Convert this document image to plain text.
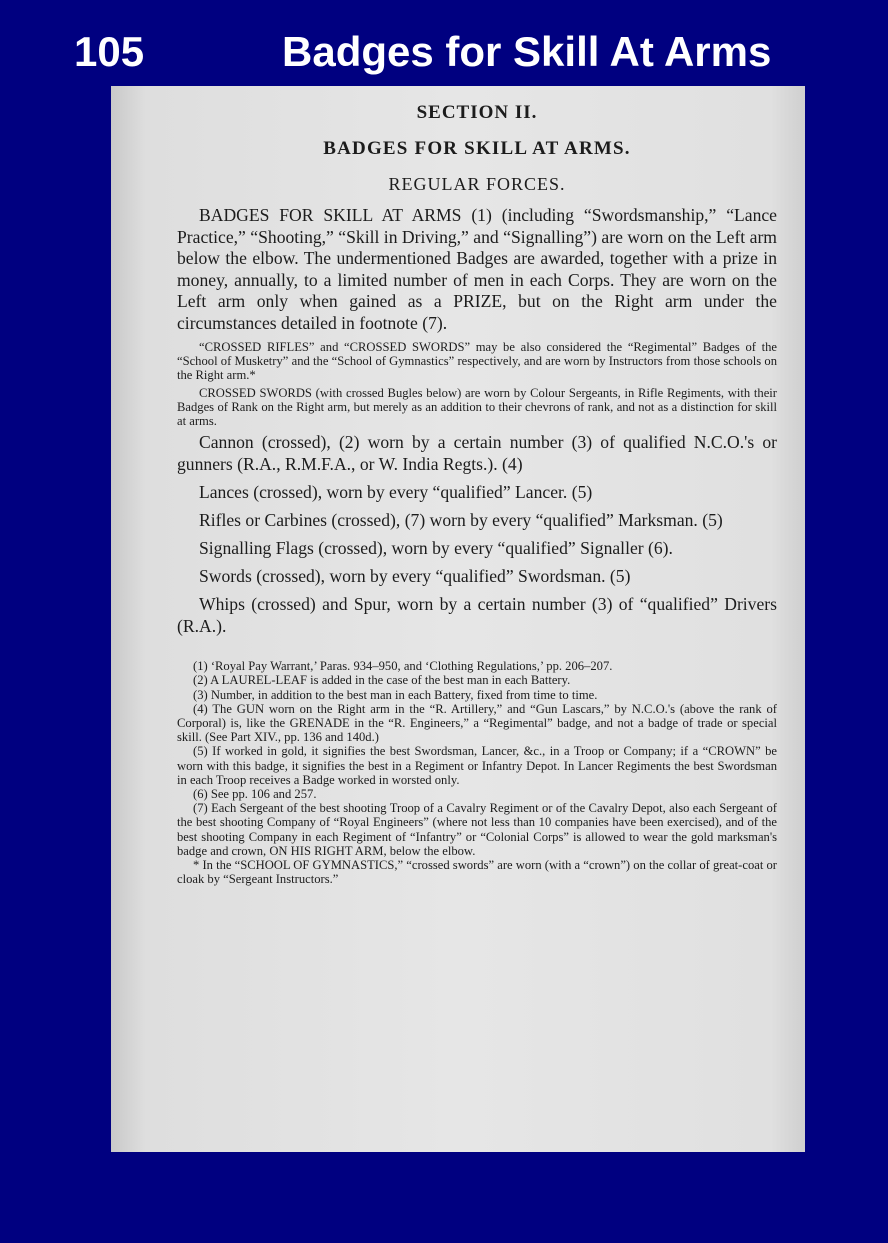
105	Badges for Skill At Arms
SECTION II.
BADGES FOR SKILL AT ARMS.
REGULAR FORCES.

BADGES FOR SKILL AT ARMS (1) (including “Swordsmanship,” “Lance Practice,” “Shooting,” “Skill in Driving,” and “Signalling”) are worn on the Left arm below the elbow. The undermentioned Badges are awarded, together with a prize in money, annually, to a limited number of men in each Corps. They are worn on the Left arm only when gained as a PRIZE, but on the Right arm under the circumstances detailed in footnote (7).

“CROSSED RIFLES” and “CROSSED SWORDS” may be also considered the “Regimental” Badges of the “School of Musketry” and the “School of Gymnastics” respectively, and are worn by Instructors from those schools on the Right arm.*

CROSSED SWORDS (with crossed Bugles below) are worn by Colour Sergeants, in Rifle Regiments, with their Badges of Rank on the Right arm, but merely as an addition to their chevrons of rank, and not as a distinction for skill at arms.

Cannon (crossed), (2) worn by a certain number (3) of qualified N.C.O.'s or gunners (R.A., R.M.F.A., or W. India Regts.). (4)

Lances (crossed), worn by every “qualified” Lancer. (5)

Rifles or Carbines (crossed), (7) worn by every “qualified” Marksman. (5)

Signalling Flags (crossed), worn by every “qualified” Signaller (6).

Swords (crossed), worn by every “qualified” Swordsman. (5)

Whips (crossed) and Spur, worn by a certain number (3) of “qualified” Drivers (R.A.).

(1) ‘Royal Pay Warrant,’ Paras. 934–950, and ‘Clothing Regulations,’ pp. 206–207.

(2) A LAUREL-LEAF is added in the case of the best man in each Battery.

(3) Number, in addition to the best man in each Battery, fixed from time to time.

(4) The GUN worn on the Right arm in the “R. Artillery,” and “Gun Lascars,” by N.C.O.'s (above the rank of Corporal) is, like the GRENADE in the “R. Engineers,” a “Regimental” badge, and not a badge of trade or special skill. (See Part XIV., pp. 136 and 140d.)

(5) If worked in gold, it signifies the best Swordsman, Lancer, &c., in a Troop or Company; if a “CROWN” be worn with this badge, it signifies the best in a Regiment or Infantry Depot. In Lancer Regiments the best Swordsman in each Troop receives a Badge worked in worsted only.

(6) See pp. 106 and 257.

(7) Each Sergeant of the best shooting Troop of a Cavalry Regiment or of the Cavalry Depot, also each Sergeant of the best shooting Company of “Royal Engineers” (where not less than 10 companies have been exercised), and of the best shooting Company in each Regiment of “Infantry” or “Colonial Corps” is allowed to wear the gold marksman's badge and crown, ON HIS RIGHT ARM, below the elbow.

* In the “SCHOOL OF GYMNASTICS,” “crossed swords” are worn (with a “crown”) on the collar of great-coat or cloak by “Sergeant Instructors.”
